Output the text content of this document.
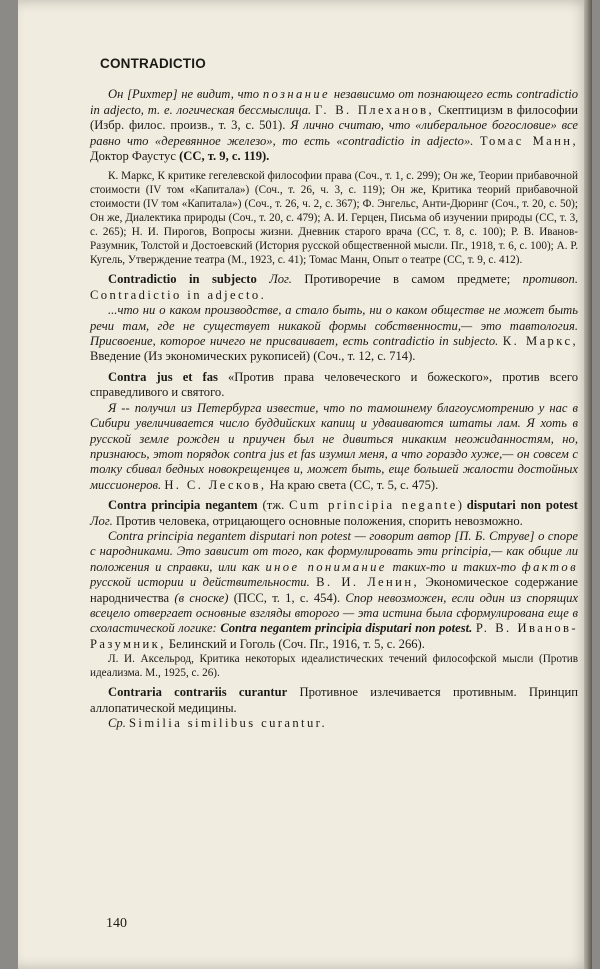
CONTRADICTIO

Он [Рихтер] не видит, что познание независимо от познающего есть contradictio in adjecto, т. е. логическая бессмыслица. Г. В. Плеханов, Скептицизм в философии (Избр. филос. произв., т. 3, с. 501). Я лично считаю, что «либеральное богословие» все равно что «деревянное железо», то есть «contradictio in adjecto». Томас Манн, Доктор Фаустус (СС, т. 9, с. 119).

К. Маркс, К критике гегелевской философии права (Соч., т. 1, с. 299); Он же, Теории прибавочной стоимости (IV том «Капитала») (Соч., т. 26, ч. 3, с. 119); Он же, Критика теорий прибавочной стоимости (IV том «Капитала») (Соч., т. 26, ч. 2, с. 367); Ф. Энгельс, Анти-Дюринг (Соч., т. 20, с. 50); Он же, Диалектика природы (Соч., т. 20, с. 479); А. И. Герцен, Письма об изучении природы (СС, т. 3, с. 265); Н. И. Пирогов, Вопросы жизни. Дневник старого врача (СС, т. 8, с. 100); Р. В. Иванов-Разумник, Толстой и Достоевский (История русской общественной мысли. Пг., 1918, т. 6, с. 100); А. Р. Кугель, Утверждение театра (М., 1923, с. 41); Томас Манн, Опыт о театре (СС, т. 9, с. 412).

Contradictio in subjecto Лог. Противоречие в самом предмете; противоп. Contradictio in adjecto.

...что ни о каком производстве, а стало быть, ни о каком обществе не может быть речи там, где не существует никакой формы собственности,— это тавтология. Присвоение, которое ничего не присваивает, есть contradictio in subjecto. К. Маркс, Введение (Из экономических рукописей) (Соч., т. 12, с. 714).

Contra jus et fas «Против права человеческого и божеского», против всего справедливого и святого.

Я -- получил из Петербурга известие, что по тамошнему благоусмотрению у нас в Сибири увеличивается число буддийских капищ и удваиваются штаты лам. Я хоть в русской земле рожден и приучен был не дивиться никаким неожиданностям, но, признаюсь, этот порядок contra jus et fas изумил меня, а что гораздо хуже,— он совсем с толку сбивал бедных новокрещенцев и, может быть, еще большей жалости достойных миссионеров. Н. С. Лесков, На краю света (СС, т. 5, с. 475).

Contra principia negantem (тж. Cum principia negante) disputari non potest Лог. Против человека, отрицающего основные положения, спорить невозможно.

Contra principia negantem disputari non potest — говорит автор [П. Б. Струве] о споре с народниками. Это зависит от того, как формулировать эти principia,— как общие ли положения и справки, или как иное понимание таких-то и таких-то фактов русской истории и действительности. В. И. Ленин, Экономическое содержание народничества (в сноске) (ПСС, т. 1, с. 454). Спор невозможен, если один из спорящих всецело отвергает основные взгляды второго — эта истина была сформулирована еще в схоластической логике: Contra negantem principia disputari non potest. Р. В. Иванов-Разумник, Белинский и Гоголь (Соч. Пг., 1916, т. 5, с. 266).

Л. И. Аксельрод, Критика некоторых идеалистических течений философской мысли (Против идеализма. М., 1925, с. 26).

Contraria contrariis curantur Противное излечивается противным. Принцип аллопатической медицины.

Ср. Similia similibus curantur.

140
